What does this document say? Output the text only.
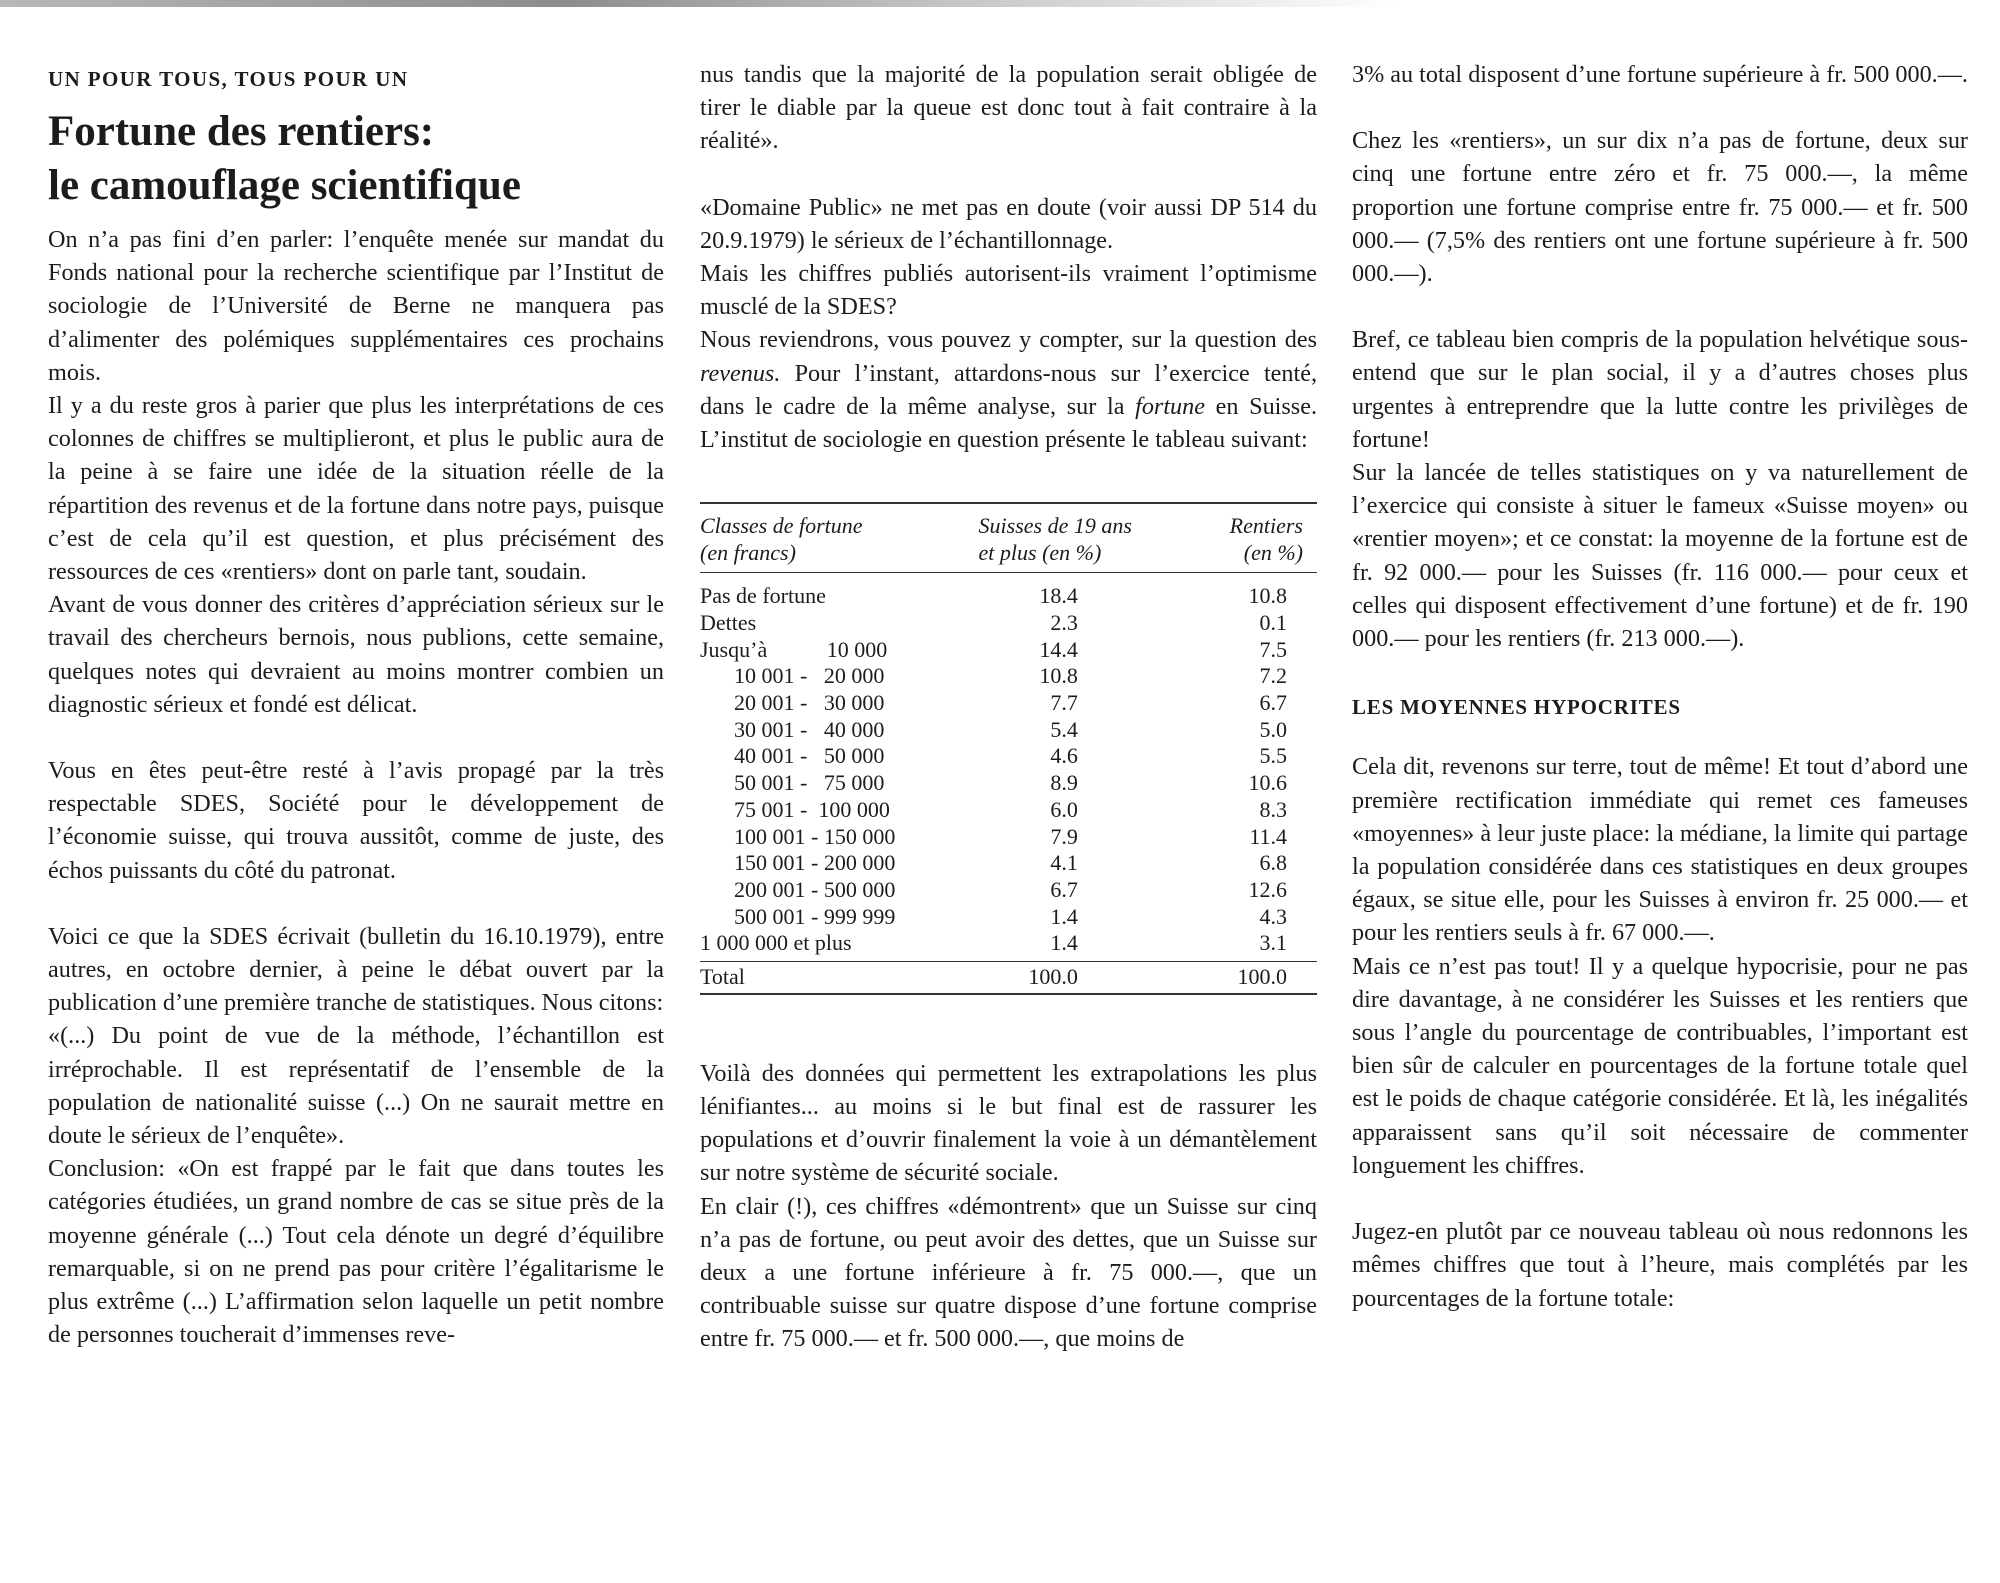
UN POUR TOUS, TOUS POUR UN
Fortune des rentiers:
le camouflage scientifique

On n’a pas fini d’en parler: l’enquête menée sur mandat du Fonds national pour la recherche scientifique par l’Institut de sociologie de l’Université de Berne ne manquera pas d’alimenter des polémiques supplémentaires ces prochains mois.

Il y a du reste gros à parier que plus les interprétations de ces colonnes de chiffres se multiplieront, et plus le public aura de la peine à se faire une idée de la situation réelle de la répartition des revenus et de la fortune dans notre pays, puisque c’est de cela qu’il est question, et plus précisément des ressources de ces «rentiers» dont on parle tant, soudain.

Avant de vous donner des critères d’appréciation sérieux sur le travail des chercheurs bernois, nous publions, cette semaine, quelques notes qui devraient au moins montrer combien un diagnostic sérieux et fondé est délicat.

Vous en êtes peut-être resté à l’avis propagé par la très respectable SDES, Société pour le développement de l’économie suisse, qui trouva aussitôt, comme de juste, des échos puissants du côté du patronat.

Voici ce que la SDES écrivait (bulletin du 16.10.1979), entre autres, en octobre dernier, à peine le débat ouvert par la publication d’une première tranche de statistiques. Nous citons:

«(...) Du point de vue de la méthode, l’échantillon est irréprochable. Il est représentatif de l’ensemble de la population de nationalité suisse (...) On ne saurait mettre en doute le sérieux de l’enquête».

Conclusion: «On est frappé par le fait que dans toutes les catégories étudiées, un grand nombre de cas se situe près de la moyenne générale (...) Tout cela dénote un degré d’équilibre remarquable, si on ne prend pas pour critère l’égalitarisme le plus extrême (...) L’affirmation selon laquelle un petit nombre de personnes toucherait d’immenses reve-

nus tandis que la majorité de la population serait obligée de tirer le diable par la queue est donc tout à fait contraire à la réalité».

«Domaine Public» ne met pas en doute (voir aussi DP 514 du 20.9.1979) le sérieux de l’échantillonnage.

Mais les chiffres publiés autorisent-ils vraiment l’optimisme musclé de la SDES?

Nous reviendrons, vous pouvez y compter, sur la question des revenus. Pour l’instant, attardons-nous sur l’exercice tenté, dans le cadre de la même analyse, sur la fortune en Suisse. L’institut de sociologie en question présente le tableau suivant:

Classes de fortune
(en francs)	Suisses de 19 ans
et plus (en %)	Rentiers
(en %)
Pas de fortune	18.4	10.8
Dettes	2.3	0.1
Jusqu’à 10 000	14.4	7.5
10 001 -   20 000	10.8	7.2
20 001 -   30 000	7.7	6.7
30 001 -   40 000	5.4	5.0
40 001 -   50 000	4.6	5.5
50 001 -   75 000	8.9	10.6
75 001 -  100 000	6.0	8.3
100 001 - 150 000	7.9	11.4
150 001 - 200 000	4.1	6.8
200 001 - 500 000	6.7	12.6
500 001 - 999 999	1.4	4.3
1 000 000 et plus	1.4	3.1
Total	100.0	100.0

Voilà des données qui permettent les extrapolations les plus lénifiantes... au moins si le but final est de rassurer les populations et d’ouvrir finalement la voie à un démantèlement sur notre système de sécurité sociale.

En clair (!), ces chiffres «démontrent» que un Suisse sur cinq n’a pas de fortune, ou peut avoir des dettes, que un Suisse sur deux a une fortune inférieure à fr. 75 000.—, que un contribuable suisse sur quatre dispose d’une fortune comprise entre fr. 75 000.— et fr. 500 000.—, que moins de

3% au total disposent d’une fortune supérieure à fr. 500 000.—.

Chez les «rentiers», un sur dix n’a pas de fortune, deux sur cinq une fortune entre zéro et fr. 75 000.—, la même proportion une fortune comprise entre fr. 75 000.— et fr. 500 000.— (7,5% des rentiers ont une fortune supérieure à fr. 500 000.—).

Bref, ce tableau bien compris de la population helvétique sous-entend que sur le plan social, il y a d’autres choses plus urgentes à entreprendre que la lutte contre les privilèges de fortune!

Sur la lancée de telles statistiques on y va naturellement de l’exercice qui consiste à situer le fameux «Suisse moyen» ou «rentier moyen»; et ce constat: la moyenne de la fortune est de fr. 92 000.— pour les Suisses (fr. 116 000.— pour ceux et celles qui disposent effectivement d’une fortune) et de fr. 190 000.— pour les rentiers (fr. 213 000.—).

LES MOYENNES HYPOCRITES

Cela dit, revenons sur terre, tout de même! Et tout d’abord une première rectification immédiate qui remet ces fameuses «moyennes» à leur juste place: la médiane, la limite qui partage la population considérée dans ces statistiques en deux groupes égaux, se situe elle, pour les Suisses à environ fr. 25 000.— et pour les rentiers seuls à fr. 67 000.—.

Mais ce n’est pas tout! Il y a quelque hypocrisie, pour ne pas dire davantage, à ne considérer les Suisses et les rentiers que sous l’angle du pourcentage de contribuables, l’important est bien sûr de calculer en pourcentages de la fortune totale quel est le poids de chaque catégorie considérée. Et là, les inégalités apparaissent sans qu’il soit nécessaire de commenter longuement les chiffres.

Jugez-en plutôt par ce nouveau tableau où nous redonnons les mêmes chiffres que tout à l’heure, mais complétés par les pourcentages de la fortune totale:
